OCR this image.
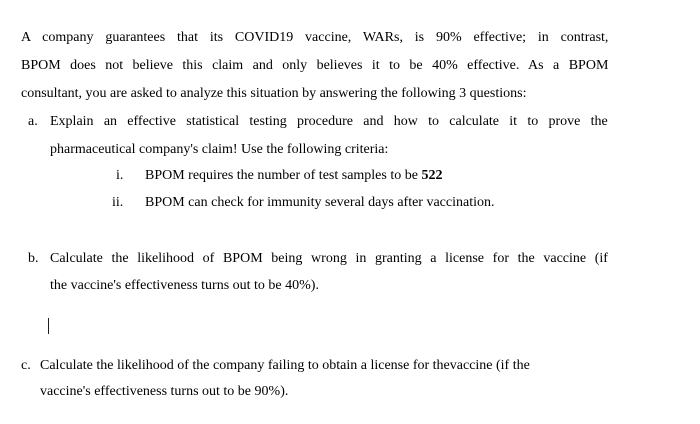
A company guarantees that its COVID19 vaccine, WARs, is 90% effective; in contrast,
BPOM does not believe this claim and only believes it to be 40% effective. As a BPOM
consultant, you are asked to analyze this situation by answering the following 3 questions:
a. Explain an effective statistical testing procedure and how to calculate it to prove the
pharmaceutical company's claim! Use the following criteria:
i. BPOM requires the number of test samples to be 522
ii. BPOM can check for immunity several days after vaccination.
b. Calculate the likelihood of BPOM being wrong in granting a license for the vaccine (if
the vaccine's effectiveness turns out to be 40%).
c. Calculate the likelihood of the company failing to obtain a license for thevaccine (if the
vaccine's effectiveness turns out to be 90%).
